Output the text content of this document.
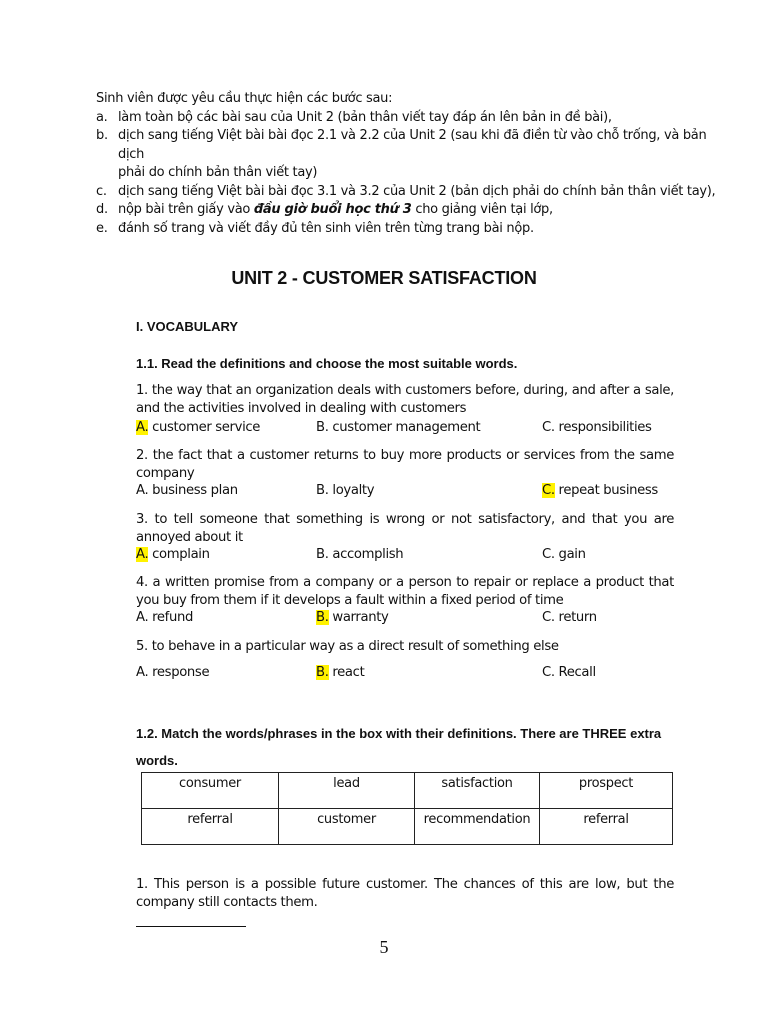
Sinh viên được yêu cầu thực hiện các bước sau:
a. làm toàn bộ các bài sau của Unit 2 (bản thân viết tay đáp án lên bản in đề bài),
b. dịch sang tiếng Việt bài bài đọc 2.1 và 2.2 của Unit 2 (sau khi đã điền từ vào chỗ trống, và bản dịch
phải do chính bản thân viết tay)
c. dịch sang tiếng Việt bài bài đọc 3.1 và 3.2 của Unit 2 (bản dịch phải do chính bản thân viết tay),
d. nộp bài trên giấy vào đầu giờ buổi học thứ 3 cho giảng viên tại lớp,
e. đánh số trang và viết đầy đủ tên sinh viên trên từng trang bài nộp.
UNIT 2 - CUSTOMER SATISFACTION
I. VOCABULARY
1.1. Read the definitions and choose the most suitable words.
1. the way that an organization deals with customers before, during, and after a sale, and the activities involved in dealing with customers
A. customer service	B. customer management	C. responsibilities
2. the fact that a customer returns to buy more products or services from the same company
A. business plan	B. loyalty	C. repeat business
3. to tell someone that something is wrong or not satisfactory, and that you are annoyed about it
A. complain	B. accomplish	C. gain
4. a written promise from a company or a person to repair or replace a product that you buy from them if it develops a fault within a fixed period of time
A. refund	B. warranty	C. return
5. to behave in a particular way as a direct result of something else
A. response	B. react	C. Recall
1.2. Match the words/phrases in the box with their definitions. There are THREE extra words.
consumer	lead	satisfaction	prospect
referral	customer	recommendation	referral
1. This person is a possible future customer. The chances of this are low, but the company still contacts them.
5
